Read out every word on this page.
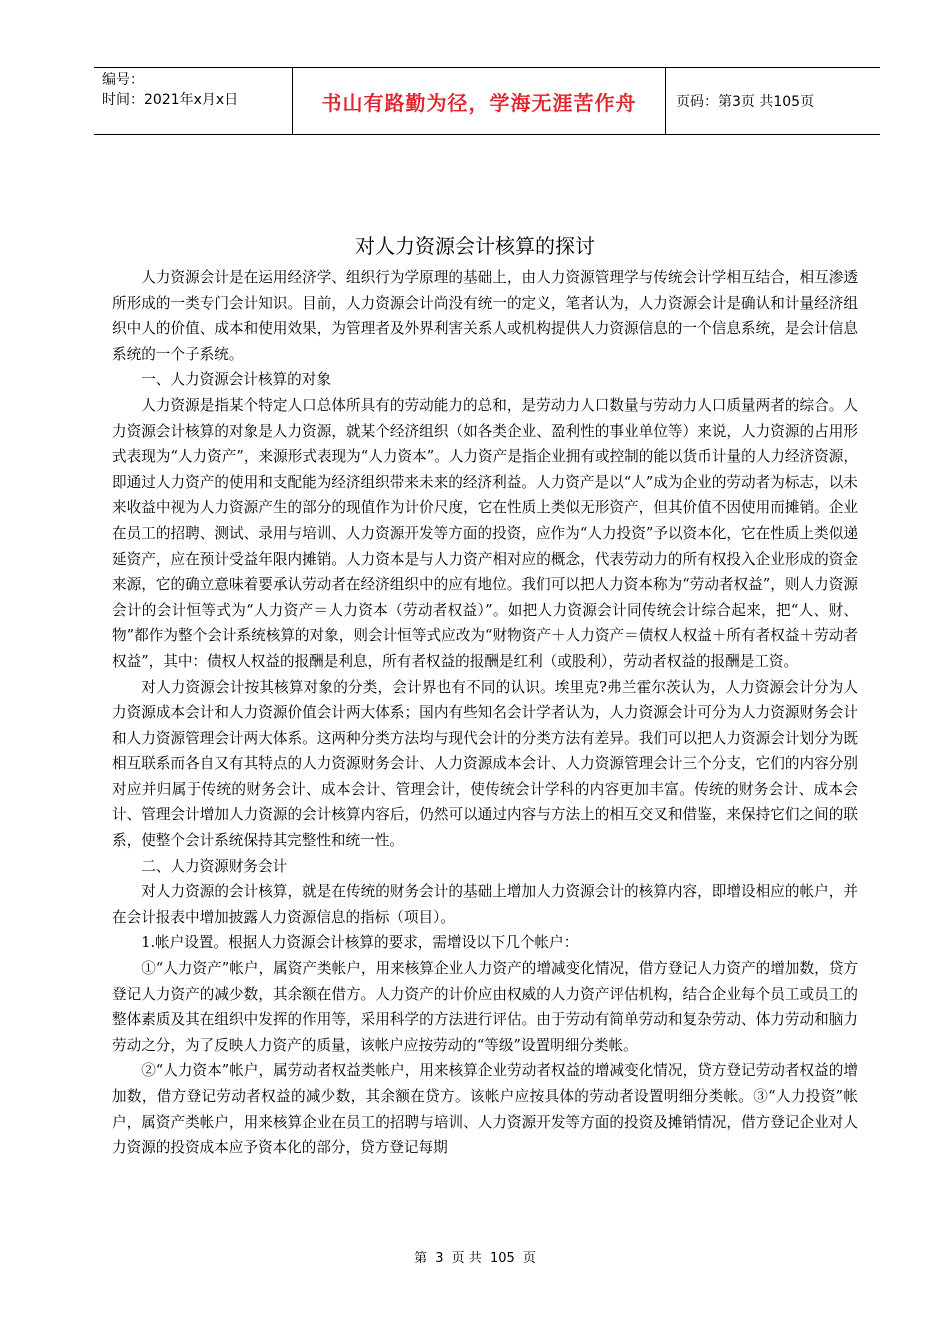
编号：
时间：2021年x月x日	书山有路勤为径，学海无涯苦作舟	页码：第3页 共105页
对人力资源会计核算的探讨

人力资源会计是在运用经济学、组织行为学原理的基础上，由人力资源管理学与传统会计学相互结合，相互渗透所形成的一类专门会计知识。目前，人力资源会计尚没有统一的定义，笔者认为，人力资源会计是确认和计量经济组织中人的价值、成本和使用效果，为管理者及外界利害关系人或机构提供人力资源信息的一个信息系统，是会计信息系统的一个子系统。

一、人力资源会计核算的对象

人力资源是指某个特定人口总体所具有的劳动能力的总和，是劳动力人口数量与劳动力人口质量两者的综合。人力资源会计核算的对象是人力资源，就某个经济组织（如各类企业、盈利性的事业单位等）来说，人力资源的占用形式表现为“人力资产”，来源形式表现为“人力资本”。人力资产是指企业拥有或控制的能以货币计量的人力经济资源，即通过人力资产的使用和支配能为经济组织带来未来的经济利益。人力资产是以“人”成为企业的劳动者为标志，以未来收益中视为人力资源产生的部分的现值作为计价尺度，它在性质上类似无形资产，但其价值不因使用而摊销。企业在员工的招聘、测试、录用与培训、人力资源开发等方面的投资，应作为“人力投资”予以资本化，它在性质上类似递延资产，应在预计受益年限内摊销。人力资本是与人力资产相对应的概念，代表劳动力的所有权投入企业形成的资金来源，它的确立意味着要承认劳动者在经济组织中的应有地位。我们可以把人力资本称为“劳动者权益”，则人力资源会计的会计恒等式为“人力资产＝人力资本（劳动者权益）”。如把人力资源会计同传统会计综合起来，把“人、财、物”都作为整个会计系统核算的对象，则会计恒等式应改为“财物资产＋人力资产＝债权人权益＋所有者权益＋劳动者权益”，其中：债权人权益的报酬是利息，所有者权益的报酬是红利（或股利），劳动者权益的报酬是工资。

对人力资源会计按其核算对象的分类，会计界也有不同的认识。埃里克?弗兰霍尔茨认为，人力资源会计分为人力资源成本会计和人力资源价值会计两大体系；国内有些知名会计学者认为，人力资源会计可分为人力资源财务会计和人力资源管理会计两大体系。这两种分类方法均与现代会计的分类方法有差异。我们可以把人力资源会计划分为既相互联系而各自又有其特点的人力资源财务会计、人力资源成本会计、人力资源管理会计三个分支，它们的内容分别对应并归属于传统的财务会计、成本会计、管理会计，使传统会计学科的内容更加丰富。传统的财务会计、成本会计、管理会计增加人力资源的会计核算内容后，仍然可以通过内容与方法上的相互交叉和借鉴，来保持它们之间的联系，使整个会计系统保持其完整性和统一性。

二、人力资源财务会计

对人力资源的会计核算，就是在传统的财务会计的基础上增加人力资源会计的核算内容，即增设相应的帐户，并在会计报表中增加披露人力资源信息的指标（项目）。

1.帐户设置。根据人力资源会计核算的要求，需增设以下几个帐户：

①“人力资产”帐户，属资产类帐户，用来核算企业人力资产的增减变化情况，借方登记人力资产的增加数，贷方登记人力资产的减少数，其余额在借方。人力资产的计价应由权威的人力资产评估机构，结合企业每个员工或员工的整体素质及其在组织中发挥的作用等，采用科学的方法进行评估。由于劳动有简单劳动和复杂劳动、体力劳动和脑力劳动之分，为了反映人力资产的质量，该帐户应按劳动的“等级”设置明细分类帐。

②“人力资本”帐户，属劳动者权益类帐户，用来核算企业劳动者权益的增减变化情况，贷方登记劳动者权益的增加数，借方登记劳动者权益的减少数，其余额在贷方。该帐户应按具体的劳动者设置明细分类帐。③“人力投资”帐户，属资产类帐户，用来核算企业在员工的招聘与培训、人力资源开发等方面的投资及摊销情况，借方登记企业对人力资源的投资成本应予资本化的部分，贷方登记每期

第 3 页 共 105 页
